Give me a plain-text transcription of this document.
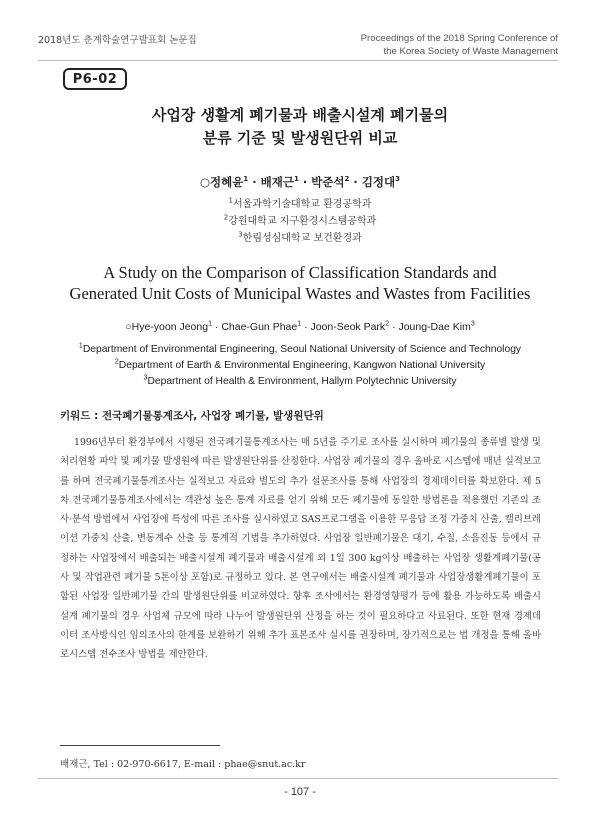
2018년도 춘계학술연구발표회 논문집	Proceedings of the 2018 Spring Conference of
the Korea Society of Waste Management
P6-02
사업장 생활계 폐기물과 배출시설계 폐기물의
분류 기준 및 발생원단위 비교
○정혜윤$^1$ · 배재근$^1$ · 박준석$^2$ · 김정대$^3$
$^1$서울과학기술대학교 환경공학과
$^2$강원대학교 지구환경시스템공학과
$^3$한림성심대학교 보건환경과
A Study on the Comparison of Classification Standards and
Generated Unit Costs of Municipal Wastes and Wastes from Facilities
○Hye-yoon Jeong$^1$ · Chae-Gun Phae$^1$ · Joon-Seok Park$^2$ · Joung-Dae Kim$^3$
$^1$Department of Environmental Engineering, Seoul National University of Science and Technology
$^2$Department of Earth & Environmental Engineering, Kangwon National University
$^3$Department of Health & Environment, Hallym Polytechnic University
키워드 : 전국폐기물통계조사, 사업장 폐기물, 발생원단위

1996년부터 환경부에서 시행된 전국폐기물통계조사는 매 5년을 주기로 조사를 실시하며 폐기물의 종류별 발생 및 처리현황 파악 및 폐기물 발생원에 따른 발생원단위를 산정한다. 사업장 폐기물의 경우 올바로 시스템에 매년 실적보고를 하며 전국폐기물통계조사는 실적보고 자료와 별도의 추가 설문조사를 통해 사업장의 경제데이터를 확보한다. 제 5차 전국폐기물통계조사에서는 객관성 높은 통계 자료를 얻기 위해 모든 폐기물에 동일한 방법론을 적용했던 기존의 조사·분석 방법에서 사업장에 특성에 따른 조사를 실시하였고 SAS프로그램을 이용한 무응답 조정 가중치 산출, 캘리브레이션 가중치 산출, 변동계수 산출 등 통계적 기법을 추가하였다. 사업장 일반폐기물은 대기, 수질, 소음진동 등에서 규정하는 사업장에서 배출되는 배출시설계 폐기물과 배출시설계 외 1일 300 kg이상 배출하는 사업장 생활계폐기물(공사 및 작업관련 폐기물 5톤이상 포함)로 규정하고 있다. 본 연구에서는 배출시설계 폐기물과 사업장생활계폐기물이 포함된 사업장 일반폐기물 간의 발생원단위를 비교하였다. 향후 조사에서는 환경영향평가 등에 활용 가능하도록 배출시설계 폐기물의 경우 사업체 규모에 따라 나누어 발생원단위 산정을 하는 것이 필요하다고 사료된다. 또한 현재 경제데이터 조사방식인 임의조사의 한계를 보완하기 위해 추가 표본조사 실시를 권장하며, 장기적으로는 법 개정을 통해 올바로시스템 전수조사 방법을 제안한다.

배재근, Tel : 02-970-6617, E-mail : phae@snut.ac.kr
- 107 -
